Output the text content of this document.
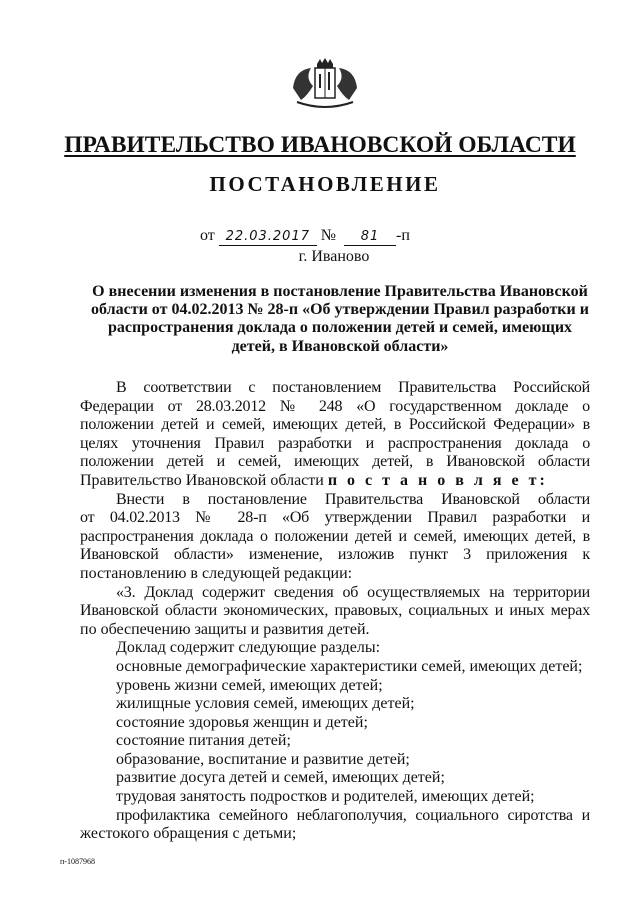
ПРАВИТЕЛЬСТВО ИВАНОВСКОЙ ОБЛАСТИ
ПОСТАНОВЛЕНИЕ
от 22.03.2017 № 81 -п
г. Иваново
О внесении изменения в постановление Правительства Ивановской области от 04.02.2013 № 28-п «Об утверждении Правил разработки и распространения доклада о положении детей и семей, имеющих детей, в Ивановской области»
В соответствии с постановлением Правительства Российской
Федерации от 28.03.2012 № 248 «О государственном докладе о
положении детей и семей, имеющих детей, в Российской Федерации» в
целях уточнения Правил разработки и распространения доклада о
положении детей и семей, имеющих детей, в Ивановской области
Правительство Ивановской области п о с т а н о в л я е т:
Внести в постановление Правительства Ивановской области
от 04.02.2013 № 28-п «Об утверждении Правил разработки и
распространения доклада о положении детей и семей, имеющих детей, в
Ивановской области» изменение, изложив пункт 3 приложения к
постановлению в следующей редакции:
«3. Доклад содержит сведения об осуществляемых на территории
Ивановской области экономических, правовых, социальных и иных мерах
по обеспечению защиты и развития детей.
Доклад содержит следующие разделы:
основные демографические характеристики семей, имеющих детей;
уровень жизни семей, имеющих детей;
жилищные условия семей, имеющих детей;
состояние здоровья женщин и детей;
состояние питания детей;
образование, воспитание и развитие детей;
развитие досуга детей и семей, имеющих детей;
трудовая занятость подростков и родителей, имеющих детей;
профилактика семейного неблагополучия, социального сиротства и
жестокого обращения с детьми;
п-1087968
